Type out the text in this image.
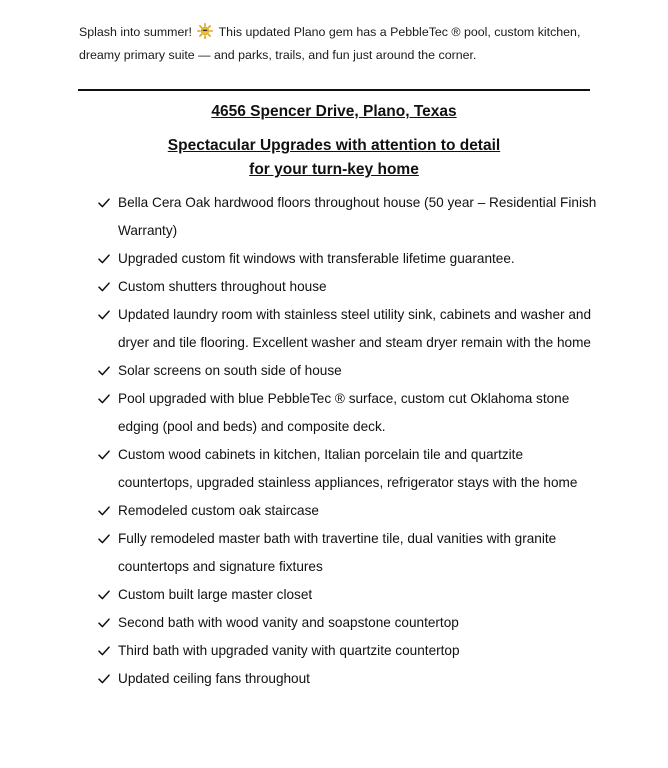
Splash into summer! This updated Plano gem has a PebbleTec ® pool, custom kitchen, dreamy primary suite — and parks, trails, and fun just around the corner.
4656 Spencer Drive, Plano, Texas
Spectacular Upgrades with attention to detail
for your turn-key home
Bella Cera Oak hardwood floors throughout house (50 year – Residential Finish Warranty)
Upgraded custom fit windows with transferable lifetime guarantee.
Custom shutters throughout house
Updated laundry room with stainless steel utility sink, cabinets and washer and dryer and tile flooring. Excellent washer and steam dryer remain with the home
Solar screens on south side of house
Pool upgraded with blue PebbleTec ® surface, custom cut Oklahoma stone edging (pool and beds) and composite deck.
Custom wood cabinets in kitchen, Italian porcelain tile and quartzite countertops, upgraded stainless appliances, refrigerator stays with the home
Remodeled custom oak staircase
Fully remodeled master bath with travertine tile, dual vanities with granite countertops and signature fixtures
Custom built large master closet
Second bath with wood vanity and soapstone countertop
Third bath with upgraded vanity with quartzite countertop
Updated ceiling fans throughout
